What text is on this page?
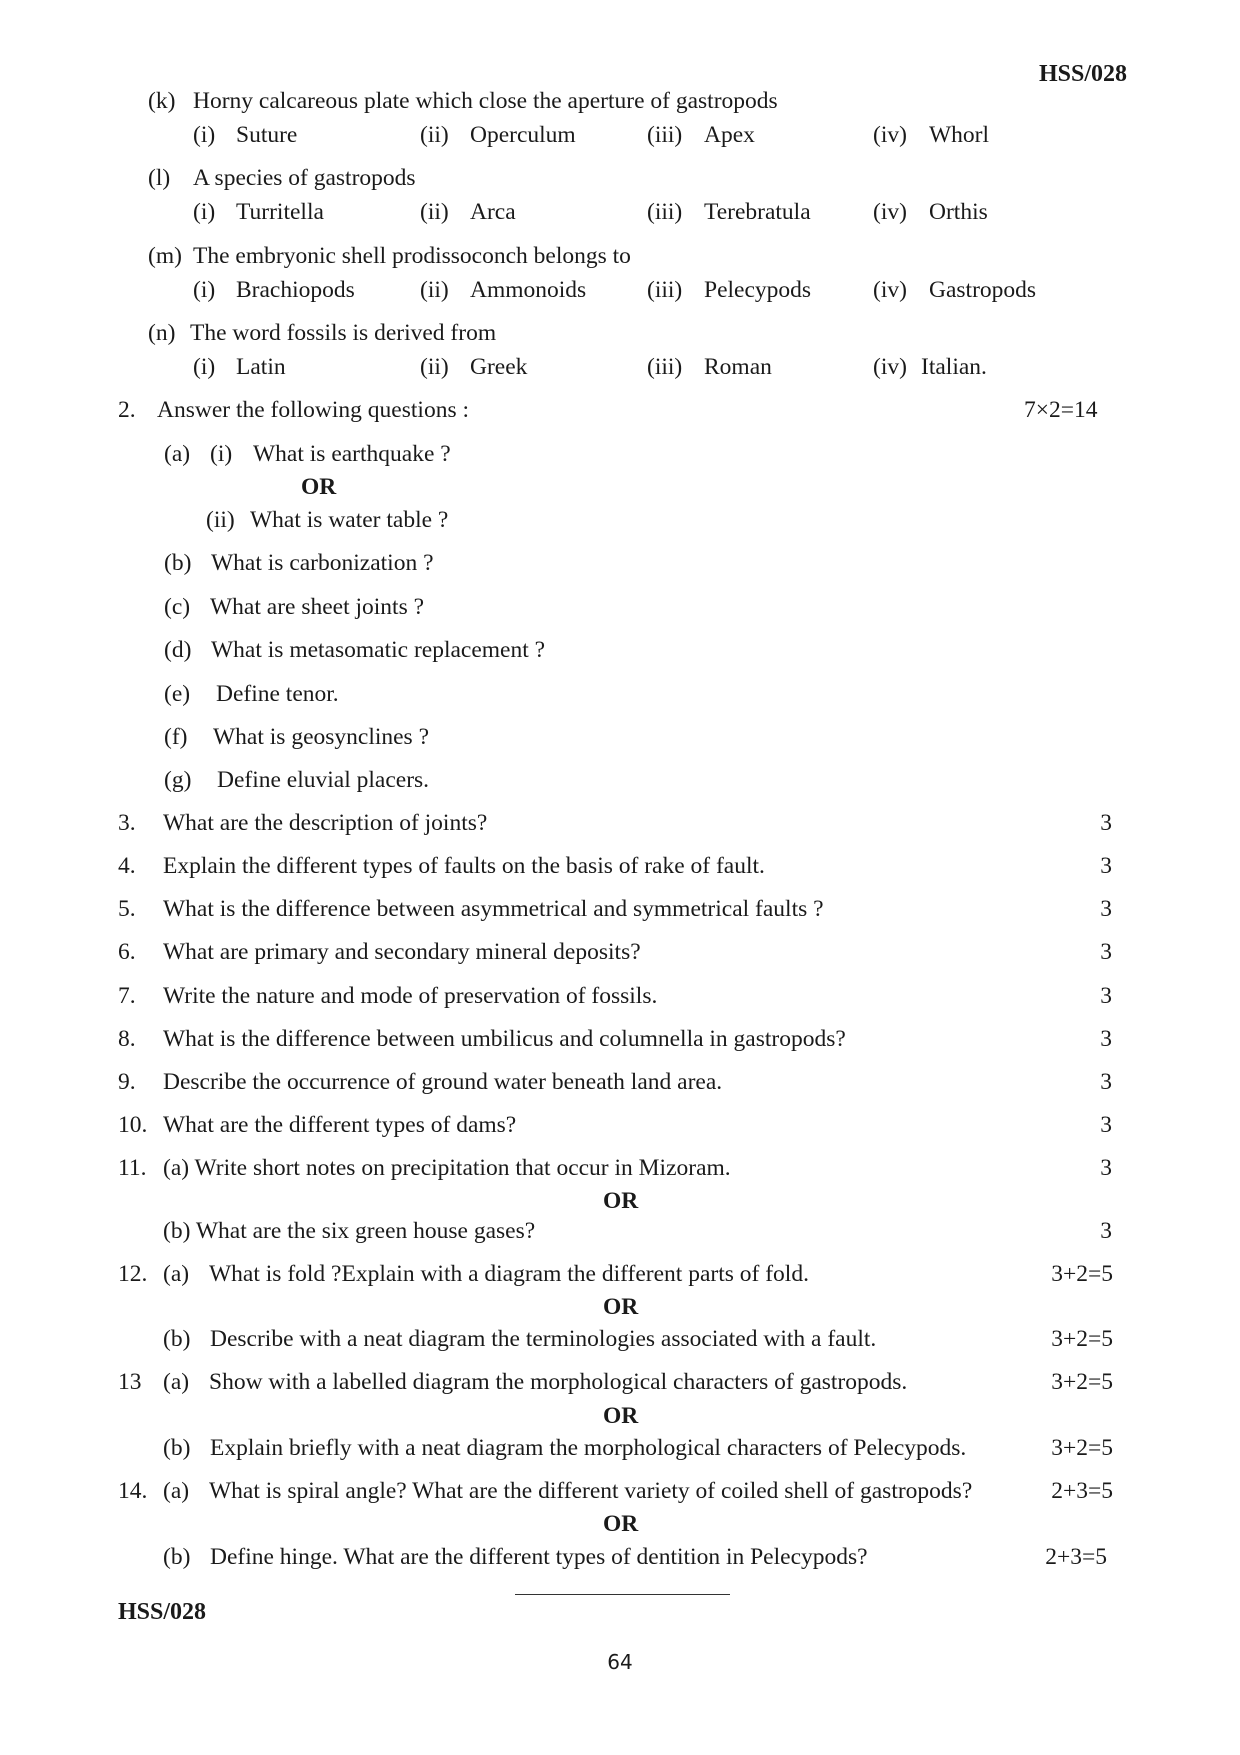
HSS/028
(k) Horny calcareous plate which close the aperture of gastropods
(i) Suture	(ii) Operculum	(iii) Apex	(iv) Whorl
(l) A species of gastropods
(i) Turritella	(ii) Arca	(iii) Terebratula	(iv) Orthis
(m) The embryonic shell prodissoconch belongs to
(i) Brachiopods	(ii) Ammonoids	(iii) Pelecypods	(iv) Gastropods
(n) The word fossils is derived from
(i) Latin	(ii) Greek	(iii) Roman	(iv) Italian.
2. Answer the following questions :	7×2=14
(a) (i) What is earthquake ?
OR
(ii) What is water table ?
(b) What is carbonization ?
(c) What are sheet joints ?
(d) What is metasomatic replacement ?
(e) Define tenor.
(f) What is geosynclines ?
(g) Define eluvial placers.
3. What are the description of joints?	3
4. Explain the different types of faults on the basis of rake of fault.	3
5. What is the difference between asymmetrical and symmetrical faults ?	3
6. What are primary and secondary mineral deposits?	3
7. Write the nature and mode of preservation of fossils.	3
8. What is the difference between umbilicus and columnella in gastropods?	3
9. Describe the occurrence of ground water beneath land area.	3
10. What are the different types of dams?	3
11. (a) Write short notes on precipitation that occur in Mizoram.	3
OR
(b) What are the six green house gases?	3
12. (a) What is fold ?Explain with a diagram the different parts of fold.	3+2=5
OR
(b) Describe with a neat diagram the terminologies associated with a fault.	3+2=5
13 (a) Show with a labelled diagram the morphological characters of gastropods.	3+2=5
OR
(b) Explain briefly with a neat diagram the morphological characters of Pelecypods.	3+2=5
14. (a) What is spiral angle? What are the different variety of coiled shell of gastropods?	2+3=5
OR
(b) Define hinge. What are the different types of dentition in Pelecypods?	2+3=5
HSS/028
64
